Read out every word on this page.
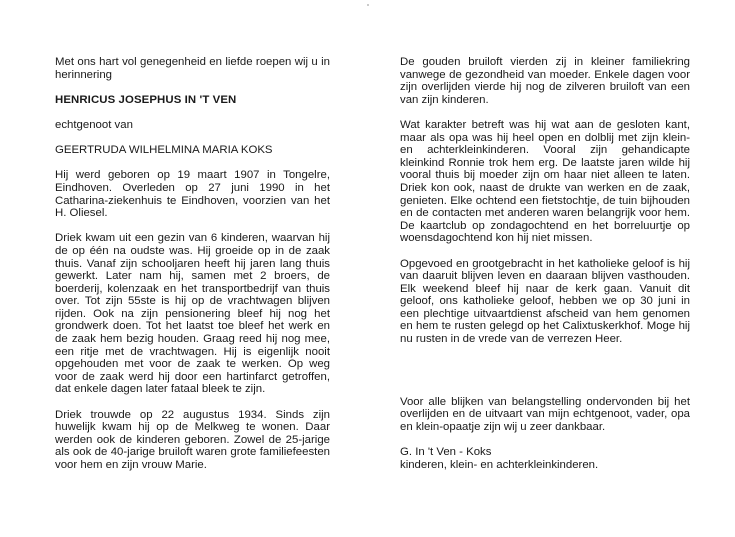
Met ons hart vol genegenheid en liefde roepen wij u in herinnering

HENRICUS JOSEPHUS IN 'T VEN

echtgenoot van

GEERTRUDA WILHELMINA MARIA KOKS

Hij werd geboren op 19 maart 1907 in Tongelre, Eindhoven. Overleden op 27 juni 1990 in het Catharina-ziekenhuis te Eindhoven, voorzien van het H. Oliesel.

Driek kwam uit een gezin van 6 kinderen, waarvan hij de op één na oudste was. Hij groeide op in de zaak thuis. Vanaf zijn schooljaren heeft hij jaren lang thuis gewerkt. Later nam hij, samen met 2 broers, de boerderij, kolenzaak en het transportbedrijf van thuis over. Tot zijn 55ste is hij op de vrachtwagen blijven rijden. Ook na zijn pensionering bleef hij nog het grondwerk doen. Tot het laatst toe bleef het werk en de zaak hem bezig houden. Graag reed hij nog mee, een ritje met de vrachtwagen. Hij is eigenlijk nooit opgehouden met voor de zaak te werken. Op weg voor de zaak werd hij door een hartinfarct getroffen, dat enkele dagen later fataal bleek te zijn.

Driek trouwde op 22 augustus 1934. Sinds zijn huwelijk kwam hij op de Melkweg te wonen. Daar werden ook de kinderen geboren. Zowel de 25-jarige als ook de 40-jarige bruiloft waren grote familiefeesten voor hem en zijn vrouw Marie.

De gouden bruiloft vierden zij in kleiner familiekring vanwege de gezondheid van moeder. Enkele dagen voor zijn overlijden vierde hij nog de zilveren bruiloft van een van zijn kinderen.

Wat karakter betreft was hij wat aan de gesloten kant, maar als opa was hij heel open en dolblij met zijn klein- en achterkleinkinderen. Vooral zijn gehandicapte kleinkind Ronnie trok hem erg. De laatste jaren wilde hij vooral thuis bij moeder zijn om haar niet alleen te laten. Driek kon ook, naast de drukte van werken en de zaak, genieten. Elke ochtend een fietstochtje, de tuin bijhouden en de contacten met anderen waren belangrijk voor hem. De kaartclub op zondagochtend en het borreluurtje op woensdagochtend kon hij niet missen.

Opgevoed en grootgebracht in het katholieke geloof is hij van daaruit blijven leven en daaraan blijven vasthouden. Elk weekend bleef hij naar de kerk gaan. Vanuit dit geloof, ons katholieke geloof, hebben we op 30 juni in een plechtige uitvaartdienst afscheid van hem genomen en hem te rusten gelegd op het Calixtuskerkhof. Moge hij nu rusten in de vrede van de verrezen Heer.

Voor alle blijken van belangstelling ondervonden bij het overlijden en de uitvaart van mijn echtgenoot, vader, opa en klein-opaatje zijn wij u zeer dankbaar.

G. In 't Ven - Koks

kinderen, klein- en achterkleinkinderen.
